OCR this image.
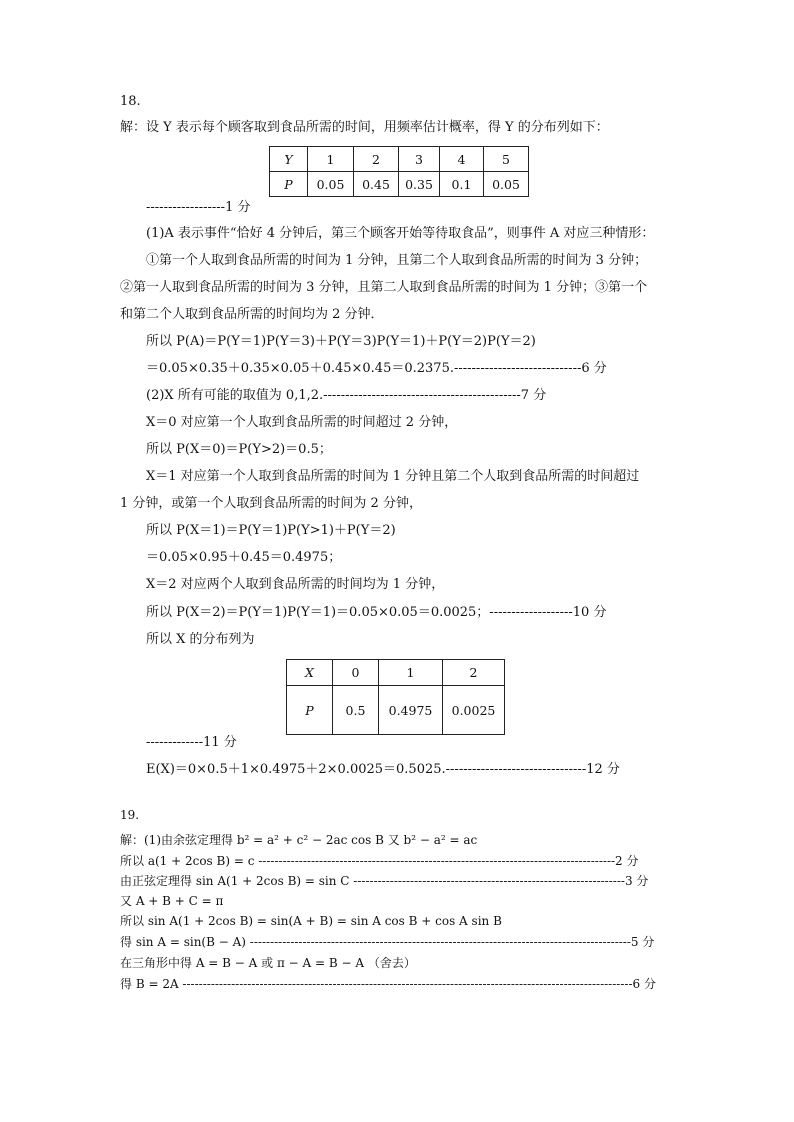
18.
解：设 Y 表示每个顾客取到食品所需的时间，用频率估计概率，得 Y 的分布列如下：
Y	1	2	3	4	5
P	0.05	0.45	0.35	0.1	0.05
------------------1 分
(1)A 表示事件“恰好 4 分钟后，第三个顾客开始等待取食品”，则事件 A 对应三种情形：
①第一个人取到食品所需的时间为 1 分钟，且第二个人取到食品所需的时间为 3 分钟；
②第一人取到食品所需的时间为 3 分钟，且第二人取到食品所需的时间为 1 分钟；③第一个
和第二个人取到食品所需的时间均为 2 分钟．
所以 P(A)＝P(Y＝1)P(Y＝3)＋P(Y＝3)P(Y＝1)＋P(Y＝2)P(Y＝2)
＝0.05×0.35＋0.35×0.05＋0.45×0.45＝0.2375.-----------------------------6 分
(2)X 所有可能的取值为 0,1,2.---------------------------------------------7 分
X＝0 对应第一个人取到食品所需的时间超过 2 分钟，
所以 P(X＝0)＝P(Y>2)＝0.5；
X＝1 对应第一个人取到食品所需的时间为 1 分钟且第二个人取到食品所需的时间超过
1 分钟，或第一个人取到食品所需的时间为 2 分钟，
所以 P(X＝1)＝P(Y＝1)P(Y>1)＋P(Y＝2)
＝0.05×0.95＋0.45＝0.4975；
X＝2 对应两个人取到食品所需的时间均为 1 分钟，
所以 P(X＝2)＝P(Y＝1)P(Y＝1)＝0.05×0.05＝0.0025；-------------------10 分
所以 X 的分布列为
X	0	1	2
P	0.5	0.4975	0.0025
-------------11 分
E(X)＝0×0.5＋1×0.4975＋2×0.0025＝0.5025.--------------------------------12 分
19.
解：(1)由余弦定理得 b² = a² + c² − 2ac cos B 又 b² − a² = ac
所以 a(1 + 2cos B) = c ----------------------------------------------------------------------------------------2 分
由正弦定理得 sin A(1 + 2cos B) = sin C -------------------------------------------------------------------3 分
又 A + B + C = π
所以 sin A(1 + 2cos B) = sin(A + B) = sin A cos B + cos A sin B
得 sin A = sin(B − A) ----------------------------------------------------------------------------------------------5 分
在三角形中得 A = B − A 或 π − A = B − A （舍去）
得 B = 2A ---------------------------------------------------------------------------------------------------------------6 分
